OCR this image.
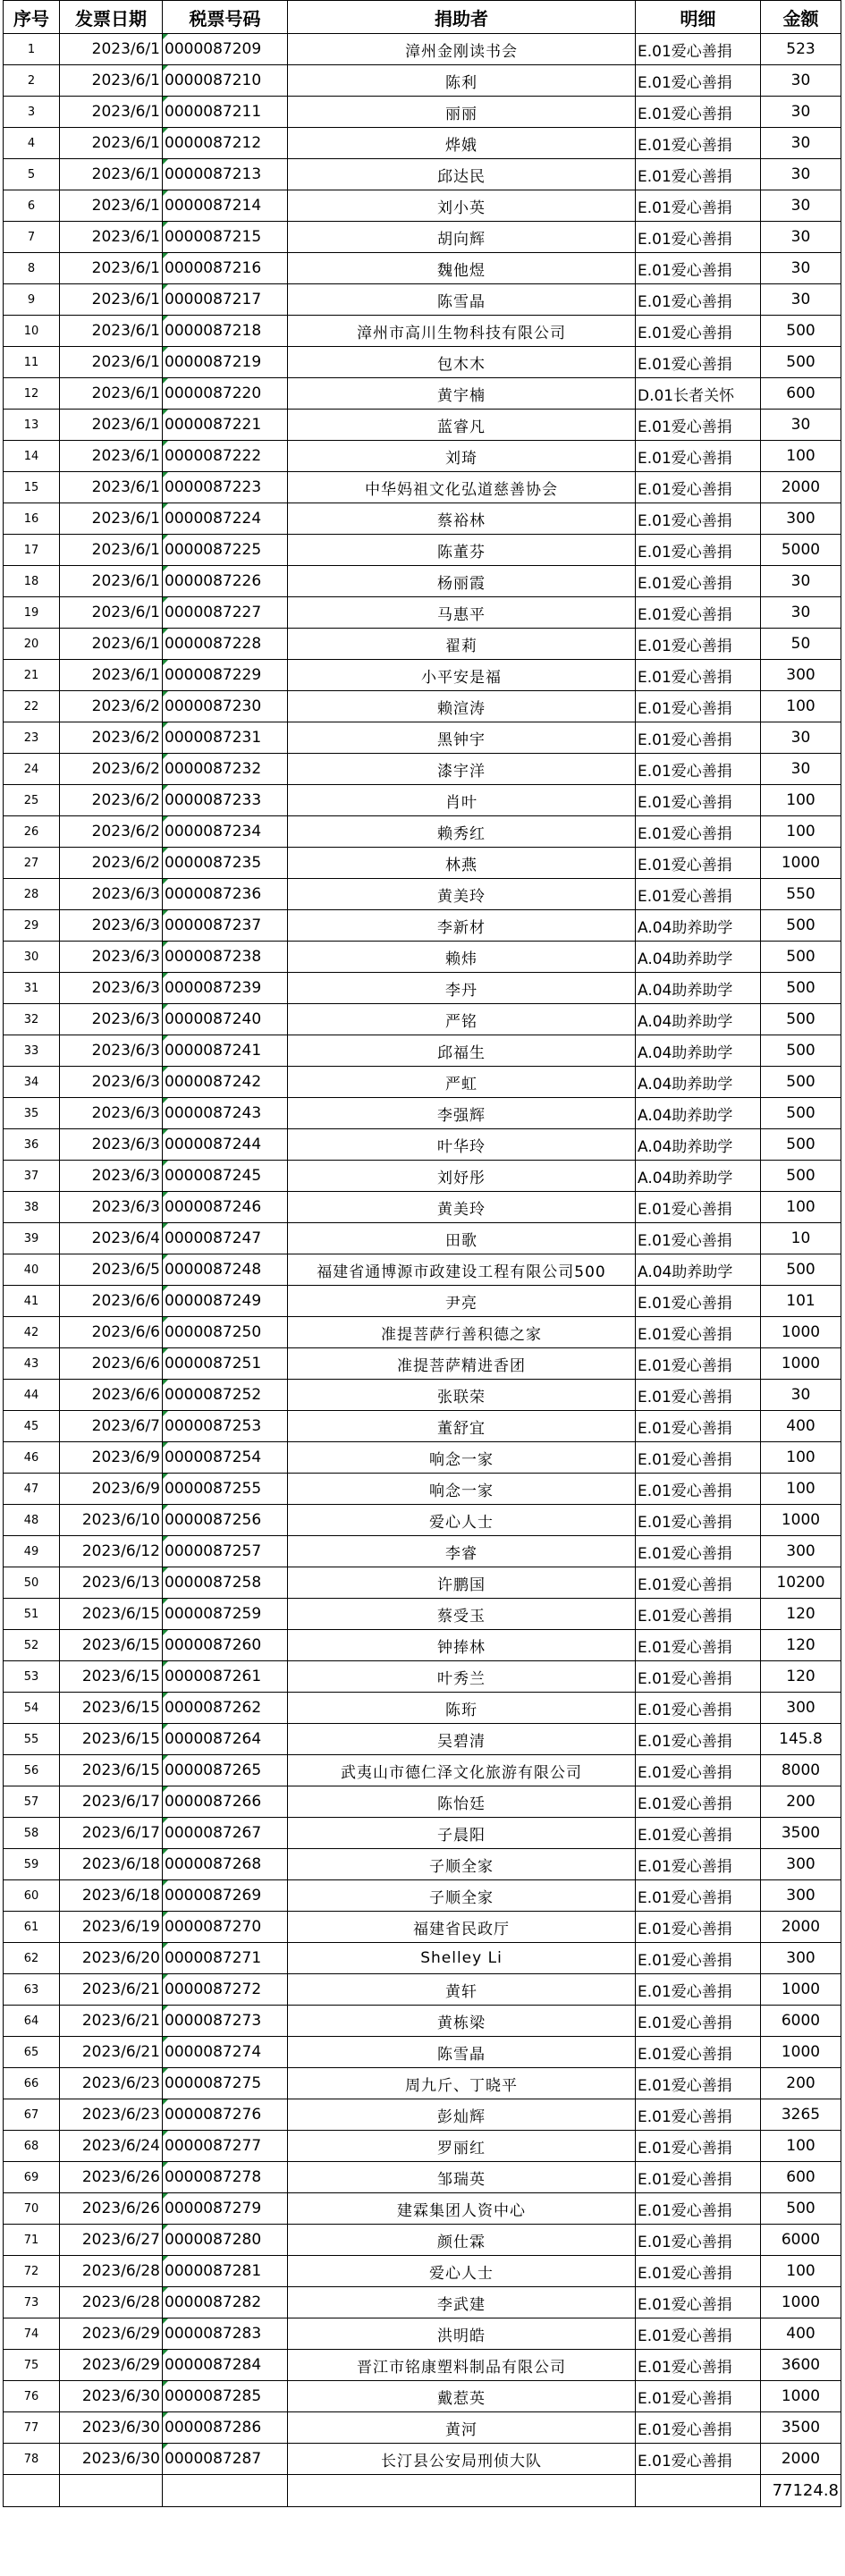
序号	发票日期	税票号码	捐助者	明细	金额
1	2023/6/1	0000087209	漳州金刚读书会	E.01爱心善捐	523
2	2023/6/1	0000087210	陈利	E.01爱心善捐	30
3	2023/6/1	0000087211	丽丽	E.01爱心善捐	30
4	2023/6/1	0000087212	烨娥	E.01爱心善捐	30
5	2023/6/1	0000087213	邱达民	E.01爱心善捐	30
6	2023/6/1	0000087214	刘小英	E.01爱心善捐	30
7	2023/6/1	0000087215	胡向辉	E.01爱心善捐	30
8	2023/6/1	0000087216	魏他煜	E.01爱心善捐	30
9	2023/6/1	0000087217	陈雪晶	E.01爱心善捐	30
10	2023/6/1	0000087218	漳州市高川生物科技有限公司	E.01爱心善捐	500
11	2023/6/1	0000087219	包木木	E.01爱心善捐	500
12	2023/6/1	0000087220	黄宇楠	D.01长者关怀	600
13	2023/6/1	0000087221	蓝睿凡	E.01爱心善捐	30
14	2023/6/1	0000087222	刘琦	E.01爱心善捐	100
15	2023/6/1	0000087223	中华妈祖文化弘道慈善协会	E.01爱心善捐	2000
16	2023/6/1	0000087224	蔡裕林	E.01爱心善捐	300
17	2023/6/1	0000087225	陈董芬	E.01爱心善捐	5000
18	2023/6/1	0000087226	杨丽霞	E.01爱心善捐	30
19	2023/6/1	0000087227	马惠平	E.01爱心善捐	30
20	2023/6/1	0000087228	翟莉	E.01爱心善捐	50
21	2023/6/1	0000087229	小平安是福	E.01爱心善捐	300
22	2023/6/2	0000087230	赖渲涛	E.01爱心善捐	100
23	2023/6/2	0000087231	黑钟宇	E.01爱心善捐	30
24	2023/6/2	0000087232	漆宇洋	E.01爱心善捐	30
25	2023/6/2	0000087233	肖叶	E.01爱心善捐	100
26	2023/6/2	0000087234	赖秀红	E.01爱心善捐	100
27	2023/6/2	0000087235	林燕	E.01爱心善捐	1000
28	2023/6/3	0000087236	黄美玲	E.01爱心善捐	550
29	2023/6/3	0000087237	李新材	A.04助养助学	500
30	2023/6/3	0000087238	赖炜	A.04助养助学	500
31	2023/6/3	0000087239	李丹	A.04助养助学	500
32	2023/6/3	0000087240	严铭	A.04助养助学	500
33	2023/6/3	0000087241	邱福生	A.04助养助学	500
34	2023/6/3	0000087242	严虹	A.04助养助学	500
35	2023/6/3	0000087243	李强辉	A.04助养助学	500
36	2023/6/3	0000087244	叶华玲	A.04助养助学	500
37	2023/6/3	0000087245	刘妤彤	A.04助养助学	500
38	2023/6/3	0000087246	黄美玲	E.01爱心善捐	100
39	2023/6/4	0000087247	田歌	E.01爱心善捐	10
40	2023/6/5	0000087248	福建省通博源市政建设工程有限公司500	A.04助养助学	500
41	2023/6/6	0000087249	尹亮	E.01爱心善捐	101
42	2023/6/6	0000087250	准提菩萨行善积德之家	E.01爱心善捐	1000
43	2023/6/6	0000087251	准提菩萨精进香团	E.01爱心善捐	1000
44	2023/6/6	0000087252	张联荣	E.01爱心善捐	30
45	2023/6/7	0000087253	董舒宜	E.01爱心善捐	400
46	2023/6/9	0000087254	响念一家	E.01爱心善捐	100
47	2023/6/9	0000087255	响念一家	E.01爱心善捐	100
48	2023/6/10	0000087256	爱心人士	E.01爱心善捐	1000
49	2023/6/12	0000087257	李睿	E.01爱心善捐	300
50	2023/6/13	0000087258	许鹏国	E.01爱心善捐	10200
51	2023/6/15	0000087259	蔡受玉	E.01爱心善捐	120
52	2023/6/15	0000087260	钟捧林	E.01爱心善捐	120
53	2023/6/15	0000087261	叶秀兰	E.01爱心善捐	120
54	2023/6/15	0000087262	陈珩	E.01爱心善捐	300
55	2023/6/15	0000087264	吴碧清	E.01爱心善捐	145.8
56	2023/6/15	0000087265	武夷山市德仁泽文化旅游有限公司	E.01爱心善捐	8000
57	2023/6/17	0000087266	陈怡廷	E.01爱心善捐	200
58	2023/6/17	0000087267	子晨阳	E.01爱心善捐	3500
59	2023/6/18	0000087268	子顺全家	E.01爱心善捐	300
60	2023/6/18	0000087269	子顺全家	E.01爱心善捐	300
61	2023/6/19	0000087270	福建省民政厅	E.01爱心善捐	2000
62	2023/6/20	0000087271	Shelley Li	E.01爱心善捐	300
63	2023/6/21	0000087272	黄轩	E.01爱心善捐	1000
64	2023/6/21	0000087273	黄栋梁	E.01爱心善捐	6000
65	2023/6/21	0000087274	陈雪晶	E.01爱心善捐	1000
66	2023/6/23	0000087275	周九斤、丁晓平	E.01爱心善捐	200
67	2023/6/23	0000087276	彭灿辉	E.01爱心善捐	3265
68	2023/6/24	0000087277	罗丽红	E.01爱心善捐	100
69	2023/6/26	0000087278	邹瑞英	E.01爱心善捐	600
70	2023/6/26	0000087279	建霖集团人资中心	E.01爱心善捐	500
71	2023/6/27	0000087280	颜仕霖	E.01爱心善捐	6000
72	2023/6/28	0000087281	爱心人士	E.01爱心善捐	100
73	2023/6/28	0000087282	李武建	E.01爱心善捐	1000
74	2023/6/29	0000087283	洪明皓	E.01爱心善捐	400
75	2023/6/29	0000087284	晋江市铭康塑料制品有限公司	E.01爱心善捐	3600
76	2023/6/30	0000087285	戴惹英	E.01爱心善捐	1000
77	2023/6/30	0000087286	黄河	E.01爱心善捐	3500
78	2023/6/30	0000087287	长汀县公安局刑侦大队	E.01爱心善捐	2000
					77124.8
